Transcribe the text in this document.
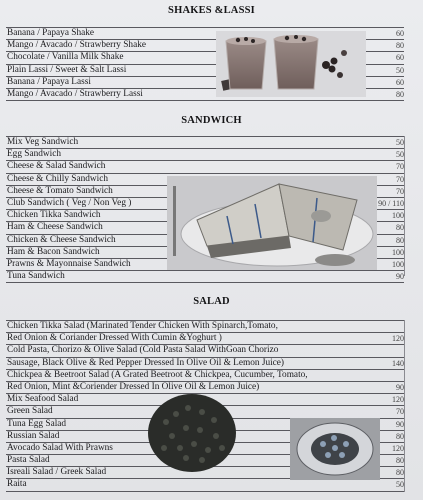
SHAKES &LASSI
Banana / Papaya Shake	60
Mango / Avacado / Strawberry Shake	80
Chocolate / Vanilla Milk Shake	60
Plain Lassi / Sweet & Salt Lassi	50
Banana / Papaya Lassi	60
Mango / Avacado / Strawberry Lassi	80
SANDWICH
Mix Veg Sandwich	50
Egg Sandwich	50
Cheese & Salad Sandwich	70
Cheese & Chilly Sandwich	70
Cheese & Tomato Sandwich	70
Club Sandwich ( Veg / Non Veg )	90 / 110
Chicken Tikka Sandwich	100
Ham & Cheese Sandwich	80
Chicken & Cheese Sandwich	80
Ham & Bacon Sandwich	100
Prawns & Mayonnaise Sandwich	100
Tuna Sandwich	90
SALAD
Chicken Tikka Salad (Marinated Tender Chicken With Spinarch,Tomato,
Red Onion & Coriander Dressed With Cumin &Yoghurt )	120
Cold Pasta, Chorizo & Olive Salad (Cold Pasta Salad WithGoan Chorizo
Sausage, Black Olive & Red Pepper Dressed In Olive Oil & Lemon Juice)	140
Chickpea & Beetroot Salad (A Grated Beetroot & Chickpea, Cucumber, Tomato,
Red Onion, Mint &Coriender Dressed In Olive Oil & Lemon Juice)	90
Mix Seafood Salad	120
Green Salad	70
Tuna Egg Salad	90
Russian Salad	80
Avocado Salad With Prawns	120
Pasta Salad	80
Isreali Salad / Greek Salad	80
Raita	50
